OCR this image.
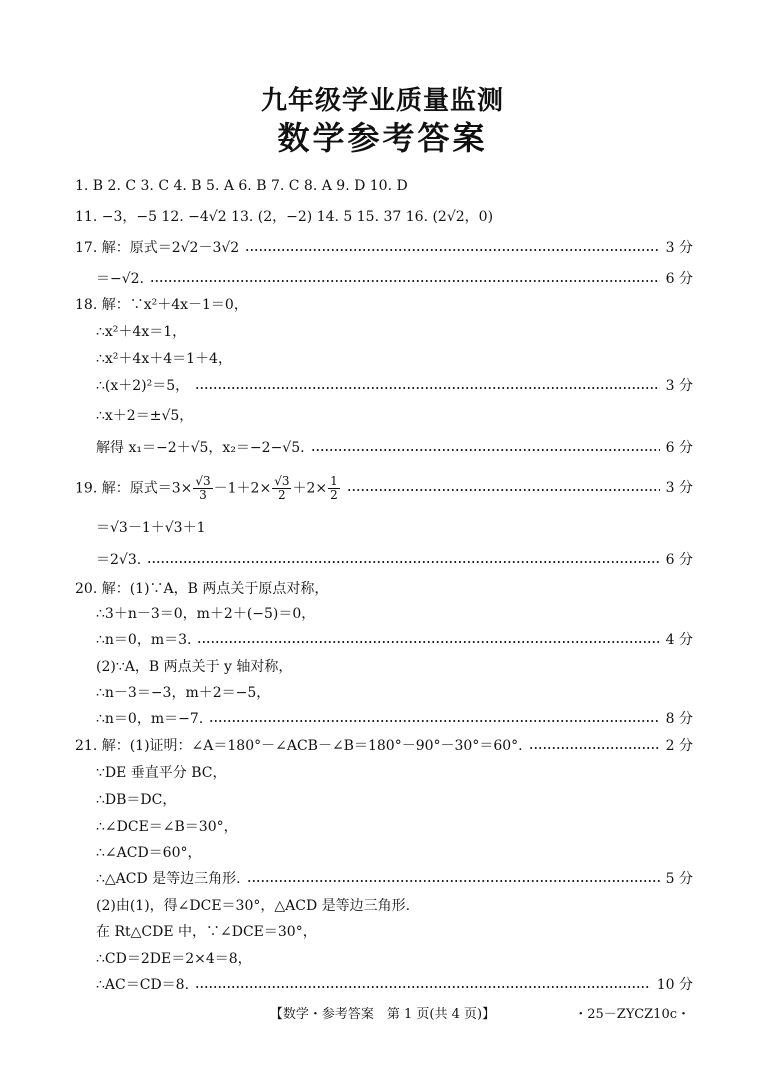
九年级学业质量监测
数学参考答案
1. B 2. C 3. C 4. B 5. A 6. B 7. C 8. A 9. D 10. D
11. −3，−5 12. −4√2 13. (2，−2) 14. 5 15. 37 16. (2√2，0)
17. 解：原式＝2√2－3√2	3 分
＝−√2.	6 分
18. 解：∵x²＋4x－1＝0，
∴x²＋4x＝1，
∴x²＋4x＋4＝1＋4，
∴(x＋2)²＝5，	3 分
∴x＋2＝±√5，
解得 x₁＝−2＋√5，x₂＝−2−√5.	6 分
19. 解：原式$=3\times \frac{√3}{3} -1+2\times \frac{√3}{2} +2\times \frac{1}{2}$	3 分
＝√3－1＋√3＋1
＝2√3.	6 分
20. 解：(1)∵A，B 两点关于原点对称，
∴3＋n－3＝0，m＋2＋(−5)＝0，
∴n＝0，m＝3.	4 分
(2)∵A，B 两点关于 y 轴对称，
∴n－3＝−3，m＋2＝−5，
∴n＝0，m＝−7.	8 分
21. 解：(1)证明：∠A＝180°－∠ACB－∠B＝180°－90°－30°＝60°.	2 分
∵DE 垂直平分 BC，
∴DB＝DC，
∴∠DCE＝∠B＝30°，
∴∠ACD＝60°，
∴△ACD 是等边三角形.	5 分
(2)由(1)，得∠DCE＝30°，△ACD 是等边三角形.
在 Rt△CDE 中，∵∠DCE＝30°，
∴CD＝2DE＝2×4＝8，
∴AC＝CD＝8.	10 分
【数学・参考答案　第 1 页(共 4 页)】	・25－ZYCZ10c・
